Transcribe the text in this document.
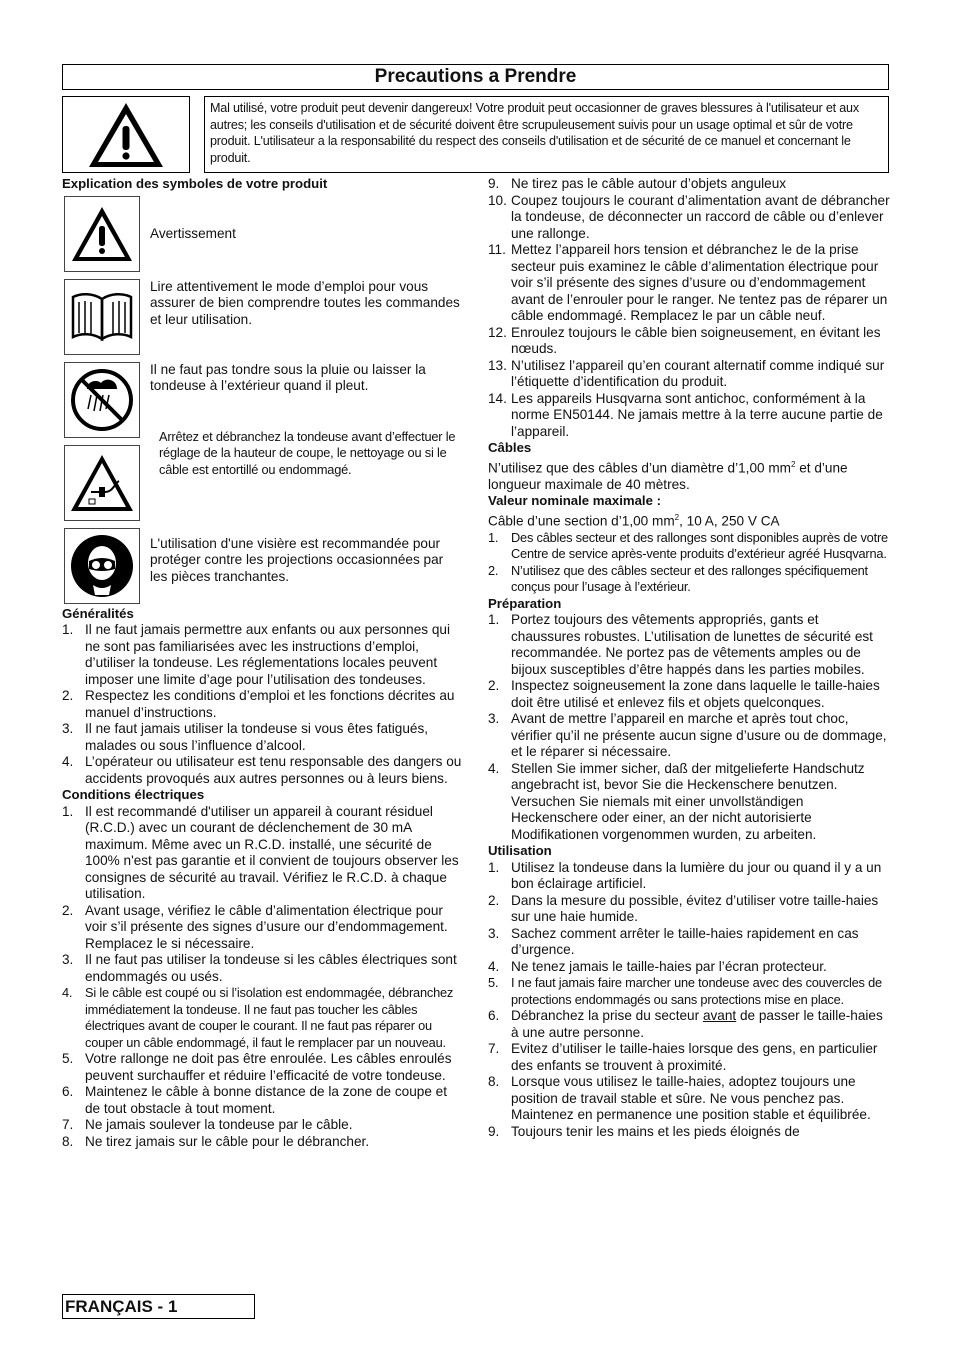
Precautions a Prendre
Mal utilisé, votre produit peut devenir dangereux! Votre produit peut occasionner de graves blessures à l'utilisateur et aux autres; les conseils d'utilisation et de sécurité doivent être scrupuleusement suivis pour un usage optimal et sûr de votre produit. L'utilisateur a la responsabilité du respect des conseils d'utilisation et de sécurité de ce manuel et concernant le produit.
Explication des symboles de votre produit
Avertissement
Lire attentivement le mode d’emploi pour vous assurer de bien comprendre toutes les commandes et leur utilisation.
Il ne faut pas tondre sous la pluie ou laisser la tondeuse à l’extérieur quand il pleut.
Arrêtez et débranchez la tondeuse avant d’effectuer le réglage de la hauteur de coupe, le nettoyage ou si le câble est entortillé ou endommagé.
L'utilisation d'une visière est recommandée pour protéger contre les projections occasionnées par les pièces tranchantes.
Généralités
1. Il ne faut jamais permettre aux enfants ou aux personnes qui ne sont pas familiarisées avec les instructions d’emploi, d’utiliser la tondeuse. Les réglementations locales peuvent imposer une limite d’age pour l’utilisation des tondeuses.
2. Respectez les conditions d’emploi et les fonctions décrites au manuel d’instructions.
3. Il ne faut jamais utiliser la tondeuse si vous êtes fatigués, malades ou sous l’influence d’alcool.
4. L’opérateur ou utilisateur est tenu responsable des dangers ou accidents provoqués aux autres personnes ou à leurs biens.
Conditions électriques
1. Il est recommandé d'utiliser un appareil à courant résiduel (R.C.D.) avec un courant de déclenchement de 30 mA maximum. Même avec un R.C.D. installé, une sécurité de 100% n'est pas garantie et il convient de toujours observer les consignes de sécurité au travail. Vérifiez le R.C.D. à chaque utilisation.
2. Avant usage, vérifiez le câble d’alimentation électrique pour voir s’il présente des signes d’usure our d’endommagement. Remplacez le si nécessaire.
3. Il ne faut pas utiliser la tondeuse si les câbles électriques sont endommagés ou usés.
4. Si le câble est coupé ou si l’isolation est endommagée, débranchez immédiatement la tondeuse. Il ne faut pas toucher les câbles électriques avant de couper le courant. Il ne faut pas réparer ou couper un câble endommagé, il faut le remplacer par un nouveau.
5. Votre rallonge ne doit pas être enroulée. Les câbles enroulés peuvent surchauffer et réduire l’efficacité de votre tondeuse.
6. Maintenez le câble à bonne distance de la zone de coupe et de tout obstacle à tout moment.
7. Ne jamais soulever la tondeuse par le câble.
8. Ne tirez jamais sur le câble pour le débrancher.
9. Ne tirez pas le câble autour d’objets anguleux
10. Coupez toujours le courant d’alimentation avant de débrancher la tondeuse, de déconnecter un raccord de câble ou d’enlever une rallonge.
11. Mettez l’appareil hors tension et débranchez le de la prise secteur puis examinez le câble d’alimentation électrique pour voir s’il présente des signes d’usure ou d’endommagement avant de l’enrouler pour le ranger. Ne tentez pas de réparer un câble endommagé. Remplacez le par un câble neuf.
12. Enroulez toujours le câble bien soigneusement, en évitant les nœuds.
13. N’utilisez l’appareil qu’en courant alternatif comme indiqué sur l’étiquette d’identification du produit.
14. Les appareils Husqvarna sont antichoc, conformément à la norme EN50144. Ne jamais mettre à la terre aucune partie de l’appareil.
Câbles
N’utilisez que des câbles d’un diamètre d’1,00 $mm^2$ et d’une longueur maximale de 40 mètres.
Valeur nominale maximale :
Câble d’une section d’1,00 $mm^2$, 10 A, 250 V CA
1. Des câbles secteur et des rallonges sont disponibles auprès de votre Centre de service après-vente produits d’extérieur agréé Husqvarna.
2. N’utilisez que des câbles secteur et des rallonges spécifiquement conçus pour l’usage à l’extérieur.
Préparation
1. Portez toujours des vêtements appropriés, gants et chaussures robustes. L’utilisation de lunettes de sécurité est recommandée. Ne portez pas de vêtements amples ou de bijoux susceptibles d’être happés dans les parties mobiles.
2. Inspectez soigneusement la zone dans laquelle le taille-haies doit être utilisé et enlevez fils et objets quelconques.
3. Avant de mettre l’appareil en marche et après tout choc, vérifier qu’il ne présente aucun signe d’usure ou de dommage, et le réparer si nécessaire.
4. Stellen Sie immer sicher, daß der mitgelieferte Handschutz angebracht ist, bevor Sie die Heckenschere benutzen. Versuchen Sie niemals mit einer unvollständigen Heckenschere oder einer, an der nicht autorisierte Modifikationen vorgenommen wurden, zu arbeiten.
Utilisation
1. Utilisez la tondeuse dans la lumière du jour ou quand il y a un bon éclairage artificiel.
2. Dans la mesure du possible, évitez d’utiliser votre taille-haies sur une haie humide.
3. Sachez comment arrêter le taille-haies rapidement en cas d’urgence.
4. Ne tenez jamais le taille-haies par l’écran protecteur.
5. I ne faut jamais faire marcher une tondeuse avec des couvercles de protections endommagés ou sans protections mise en place.
6. Débranchez la prise du secteur avant de passer le taille-haies à une autre personne.
7. Evitez d’utiliser le taille-haies lorsque des gens, en particulier des enfants se trouvent à proximité.
8. Lorsque vous utilisez le taille-haies, adoptez toujours une position de travail stable et sûre. Ne vous penchez pas. Maintenez en permanence une position stable et équilibrée.
9. Toujours tenir les mains et les pieds éloignés de
FRANÇAIS - 1
